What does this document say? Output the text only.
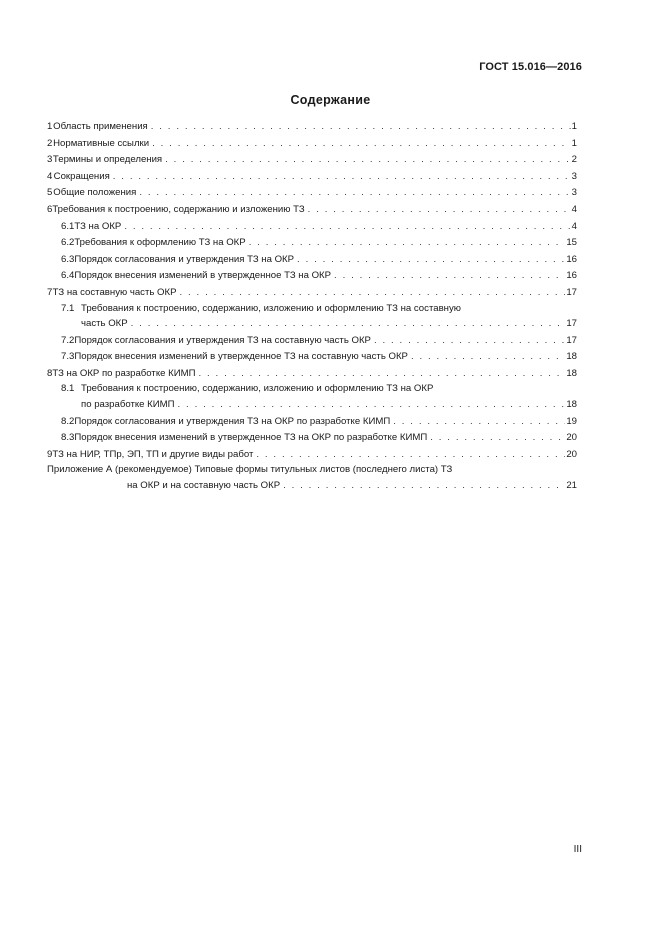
ГОСТ 15.016—2016
Содержание
1 Область применения . . .	1
2 Нормативные ссылки . . .	1
3 Термины и определения . . .	2
4 Сокращения . . .	3
5 Общие положения . . .	3
6 Требования к построению, содержанию и изложению ТЗ . . .	4
6.1 ТЗ на ОКР . . .	4
6.2 Требования к оформлению ТЗ на ОКР . . .	15
6.3 Порядок согласования и утверждения ТЗ на ОКР . . .	16
6.4 Порядок внесения изменений в утвержденное ТЗ на ОКР . . .	16
7 ТЗ на составную часть ОКР . . .	17
7.1 Требования к построению, содержанию, изложению и оформлению ТЗ на составную
часть ОКР . . .	17
7.2 Порядок согласования и утверждения ТЗ на составную часть ОКР . . .	17
7.3 Порядок внесения изменений в утвержденное ТЗ на составную часть ОКР . . .	18
8 ТЗ на ОКР по разработке КИМП . . .	18
8.1 Требования к построению, содержанию, изложению и оформлению ТЗ на ОКР
по разработке КИМП . . .	18
8.2 Порядок согласования и утверждения ТЗ на ОКР по разработке КИМП . . .	19
8.3 Порядок внесения изменений в утвержденное ТЗ на ОКР по разработке КИМП . . .	20
9 ТЗ на НИР, ТПр, ЭП, ТП и другие виды работ . . .	20
Приложение А (рекомендуемое) Типовые формы титульных листов (последнего листа) ТЗ
на ОКР и на составную часть ОКР . . .	21
III
